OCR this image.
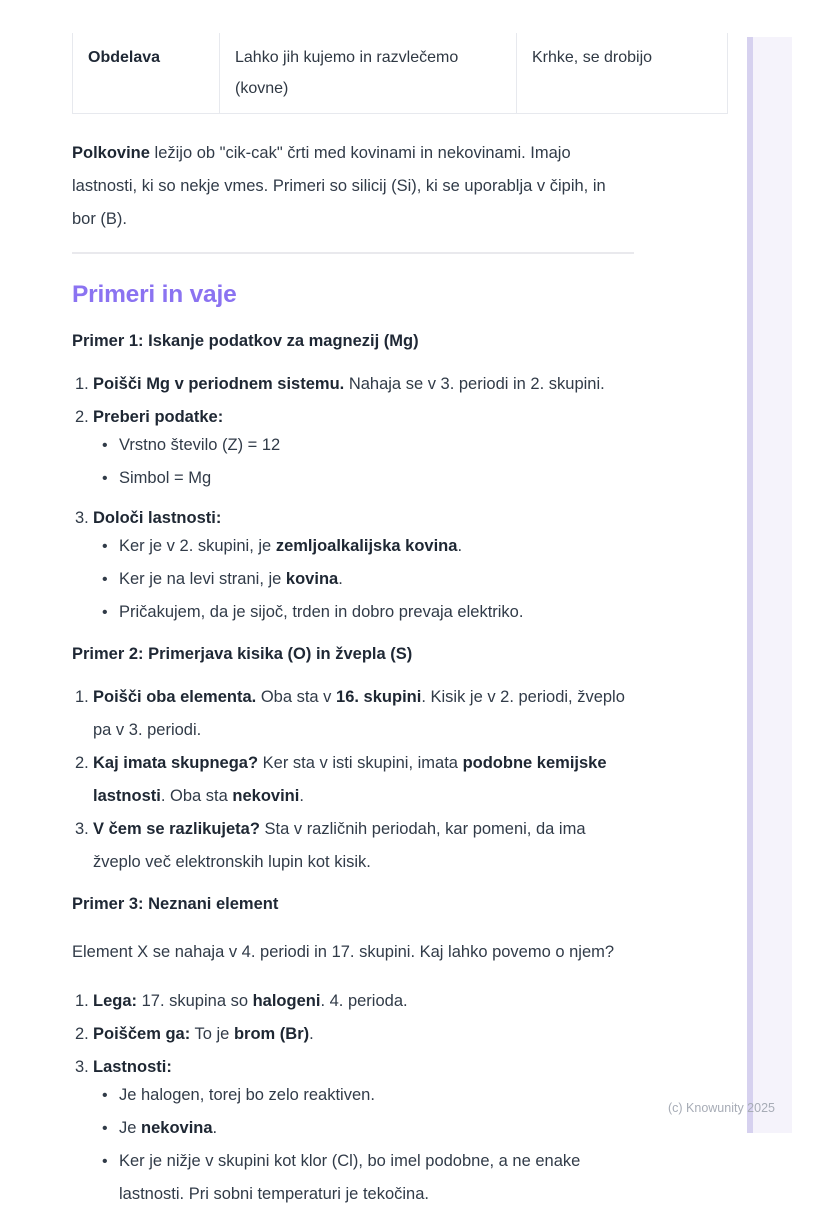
Obdelava	Lahko jih kujemo in razvlečemo (kovne)	Krhke, se drobijo

Polkovine ležijo ob "cik-cak" črti med kovinami in nekovinami. Imajo lastnosti, ki so nekje vmes. Primeri so silicij (Si), ki se uporablja v čipih, in bor (B).

Primeri in vaje
Primer 1: Iskanje podatkov za magnezij (Mg)
1. Poišči Mg v periodnem sistemu. Nahaja se v 3. periodi in 2. skupini.
2. Preberi podatke:
• Vrstno število (Z) = 12
• Simbol = Mg
3. Določi lastnosti:
• Ker je v 2. skupini, je zemljoalkalijska kovina.
• Ker je na levi strani, je kovina.
• Pričakujem, da je sijoč, trden in dobro prevaja elektriko.
Primer 2: Primerjava kisika (O) in žvepla (S)
1. Poišči oba elementa. Oba sta v 16. skupini. Kisik je v 2. periodi, žveplo pa v 3. periodi.
2. Kaj imata skupnega? Ker sta v isti skupini, imata podobne kemijske lastnosti. Oba sta nekovini.
3. V čem se razlikujeta? Sta v različnih periodah, kar pomeni, da ima žveplo več elektronskih lupin kot kisik.
Primer 3: Neznani element

Element X se nahaja v 4. periodi in 17. skupini. Kaj lahko povemo o njem?

1. Lega: 17. skupina so halogeni. 4. perioda.
2. Poiščem ga: To je brom (Br).
3. Lastnosti:
• Je halogen, torej bo zelo reaktiven.
• Je nekovina.
• Ker je nižje v skupini kot klor (Cl), bo imel podobne, a ne enake lastnosti. Pri sobni temperaturi je tekočina.
(c) Knowunity 2025
